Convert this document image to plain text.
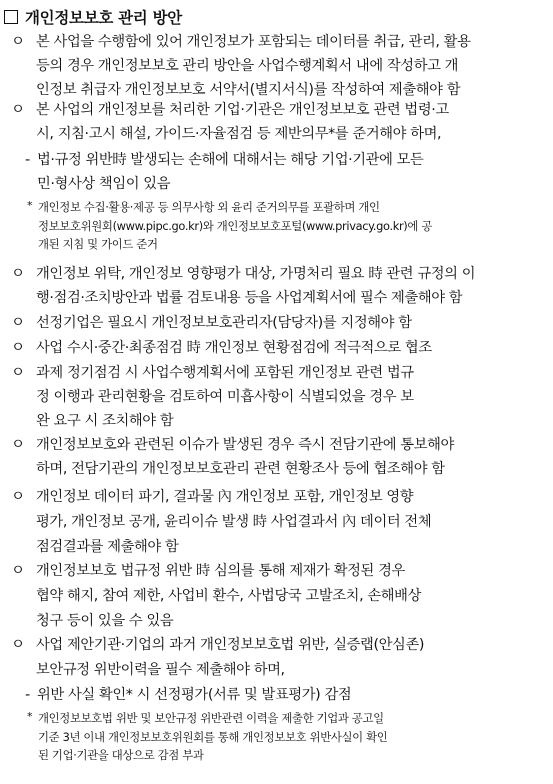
개인정보보호 관리 방안
ㅇ 본 사업을 수행함에 있어 개인정보가 포함되는 데이터를 취급, 관리, 활용
등의 경우 개인정보보호 관리 방안을 사업수행계획서 내에 작성하고 개
인정보 취급자 개인정보보호 서약서(별지서식)를 작성하여 제출해야 함
ㅇ 본 사업의 개인정보를 처리한 기업·기관은 개인정보보호 관련 법령·고
시, 지침·고시 해설, 가이드·자율점검 등 제반의무*를 준거해야 하며,
- 법·규정 위반時 발생되는 손해에 대해서는 해당 기업·기관에 모든
민·형사상 책임이 있음
* 개인정보 수집·활용·제공 등 의무사항 외 윤리 준거의무를 포괄하며 개인
정보보호위원회(www.pipc.go.kr)와 개인정보보호포털(www.privacy.go.kr)에 공
개된 지침 및 가이드 준거
ㅇ 개인정보 위탁, 개인정보 영향평가 대상, 가명처리 필요 時 관련 규정의 이
행·점검·조치방안과 법률 검토내용 등을 사업계획서에 필수 제출해야 함
ㅇ 선정기업은 필요시 개인정보보호관리자(담당자)를 지정해야 함
ㅇ 사업 수시·중간·최종점검 時 개인정보 현황점검에 적극적으로 협조
ㅇ 과제 정기점검 시 사업수행계획서에 포함된 개인정보 관련 법규
정 이행과 관리현황을 검토하여 미흡사항이 식별되었을 경우 보
완 요구 시 조치해야 함
ㅇ 개인정보보호와 관련된 이슈가 발생된 경우 즉시 전담기관에 통보해야
하며, 전담기관의 개인정보보호관리 관련 현황조사 등에 협조해야 함
ㅇ 개인정보 데이터 파기, 결과물 內 개인정보 포함, 개인정보 영향
평가, 개인정보 공개, 윤리이슈 발생 時 사업결과서 內 데이터 전체
점검결과를 제출해야 함
ㅇ 개인정보보호 법규정 위반 時 심의를 통해 제재가 확정된 경우
협약 해지, 참여 제한, 사업비 환수, 사법당국 고발조치, 손해배상
청구 등이 있을 수 있음
ㅇ 사업 제안기관·기업의 과거 개인정보보호법 위반, 실증랩(안심존)
보안규정 위반이력을 필수 제출해야 하며,
- 위반 사실 확인* 시 선정평가(서류 및 발표평가) 감점
* 개인정보보호법 위반 및 보안규정 위반관련 이력을 제출한 기업과 공고일
기준 3년 이내 개인정보보호위원회를 통해 개인정보보호 위반사실이 확인
된 기업·기관을 대상으로 감점 부과
